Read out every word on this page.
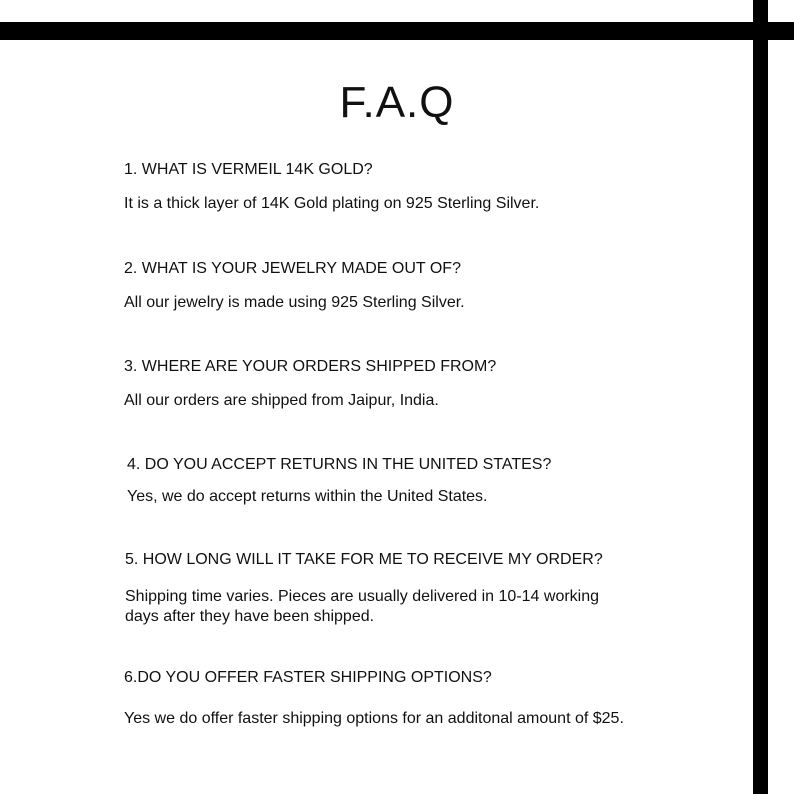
F.A.Q

1. WHAT IS VERMEIL 14K GOLD?

It is a thick layer of 14K Gold plating on 925 Sterling Silver.

2. WHAT IS YOUR JEWELRY MADE OUT OF?

All our jewelry is made using 925 Sterling Silver.

3. WHERE ARE YOUR ORDERS SHIPPED FROM?

All our orders are shipped from Jaipur, India.

4. DO YOU ACCEPT RETURNS IN THE UNITED STATES?

Yes, we do accept returns within the United States.

5. HOW LONG WILL IT TAKE FOR ME TO RECEIVE MY ORDER?

Shipping time varies. Pieces are usually delivered in 10-14 working

days after they have been shipped.

6.DO YOU OFFER FASTER SHIPPING OPTIONS?

Yes we do offer faster shipping options for an additonal amount of $25.
